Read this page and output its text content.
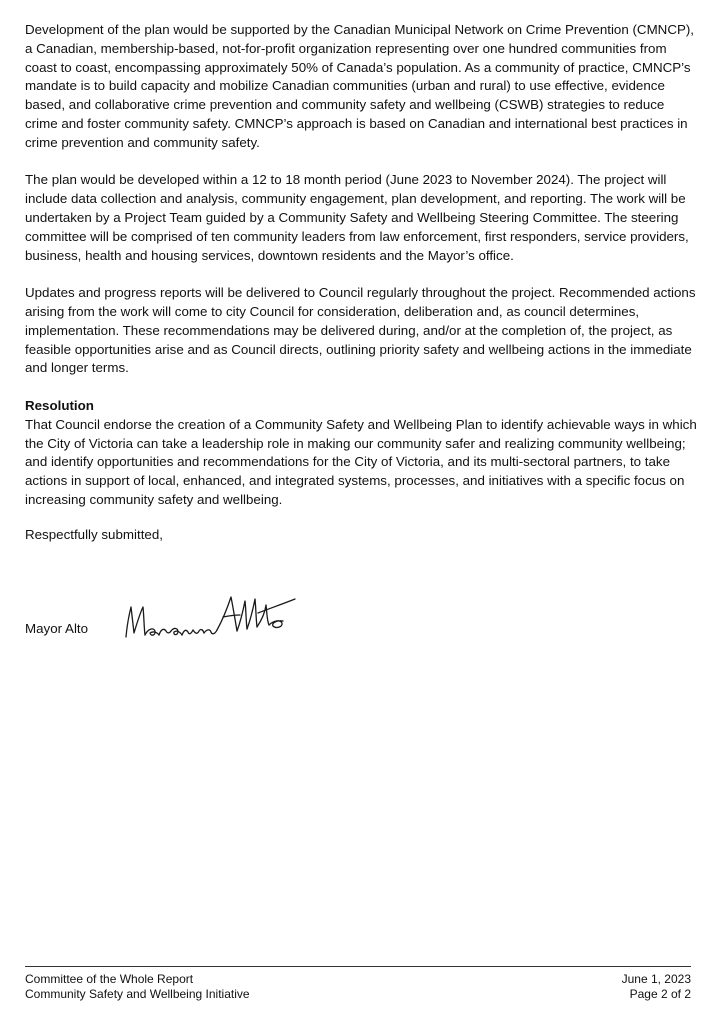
Development of the plan would be supported by the Canadian Municipal Network on Crime Prevention (CMNCP), a Canadian, membership-based, not-for-profit organization representing over one hundred communities from coast to coast, encompassing approximately 50% of Canada’s population. As a community of practice, CMNCP’s mandate is to build capacity and mobilize Canadian communities (urban and rural) to use effective, evidence based, and collaborative crime prevention and community safety and wellbeing (CSWB) strategies to reduce crime and foster community safety. CMNCP’s approach is based on Canadian and international best practices in crime prevention and community safety.

The plan would be developed within a 12 to 18 month period (June 2023 to November 2024). The project will include data collection and analysis, community engagement, plan development, and reporting. The work will be undertaken by a Project Team guided by a Community Safety and Wellbeing Steering Committee. The steering committee will be comprised of ten community leaders from law enforcement, first responders, service providers, business, health and housing services, downtown residents and the Mayor’s office.

Updates and progress reports will be delivered to Council regularly throughout the project. Recommended actions arising from the work will come to city Council for consideration, deliberation and, as council determines, implementation. These recommendations may be delivered during, and/or at the completion of, the project, as feasible opportunities arise and as Council directs, outlining priority safety and wellbeing actions in the immediate and longer terms.

Resolution

That Council endorse the creation of a Community Safety and Wellbeing Plan to identify achievable ways in which the City of Victoria can take a leadership role in making our community safer and realizing community wellbeing; and identify opportunities and recommendations for the City of Victoria, and its multi-sectoral partners, to take actions in support of local, enhanced, and integrated systems, processes, and initiatives with a specific focus on increasing community safety and wellbeing.

Respectfully submitted,

Mayor Alto
Committee of the Whole Report
Community Safety and Wellbeing Initiative
June 1, 2023
Page 2 of 2
